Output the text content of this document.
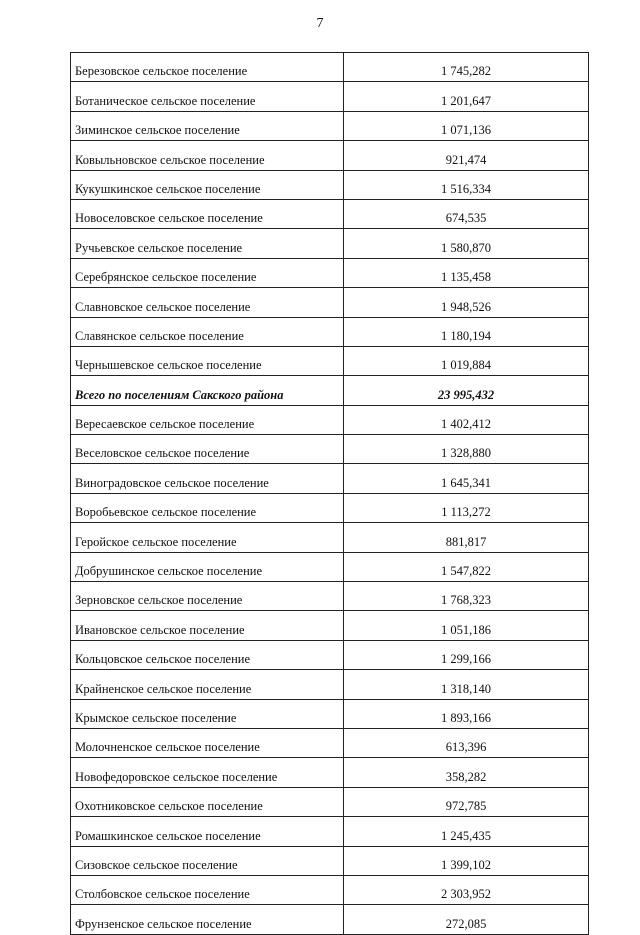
7
Березовское сельское поселение	1 745,282
Ботаническое сельское поселение	1 201,647
Зиминское сельское поселение	1 071,136
Ковыльновское сельское поселение	921,474
Кукушкинское сельское поселение	1 516,334
Новоселовское сельское поселение	674,535
Ручьевское сельское поселение	1 580,870
Серебрянское сельское поселение	1 135,458
Славновское сельское поселение	1 948,526
Славянское сельское поселение	1 180,194
Чернышевское сельское поселение	1 019,884
Всего по поселениям Сакского района	23 995,432
Вересаевское сельское поселение	1 402,412
Веселовское сельское поселение	1 328,880
Виноградовское сельское поселение	1 645,341
Воробьевское сельское поселение	1 113,272
Геройское сельское поселение	881,817
Добрушинское сельское поселение	1 547,822
Зерновское сельское поселение	1 768,323
Ивановское сельское поселение	1 051,186
Кольцовское сельское поселение	1 299,166
Крайненское сельское поселение	1 318,140
Крымское сельское поселение	1 893,166
Молочненское сельское поселение	613,396
Новофедоровское сельское поселение	358,282
Охотниковское сельское поселение	972,785
Ромашкинское сельское поселение	1 245,435
Сизовское сельское поселение	1 399,102
Столбовское сельское поселение	2 303,952
Фрунзенское сельское поселение	272,085
